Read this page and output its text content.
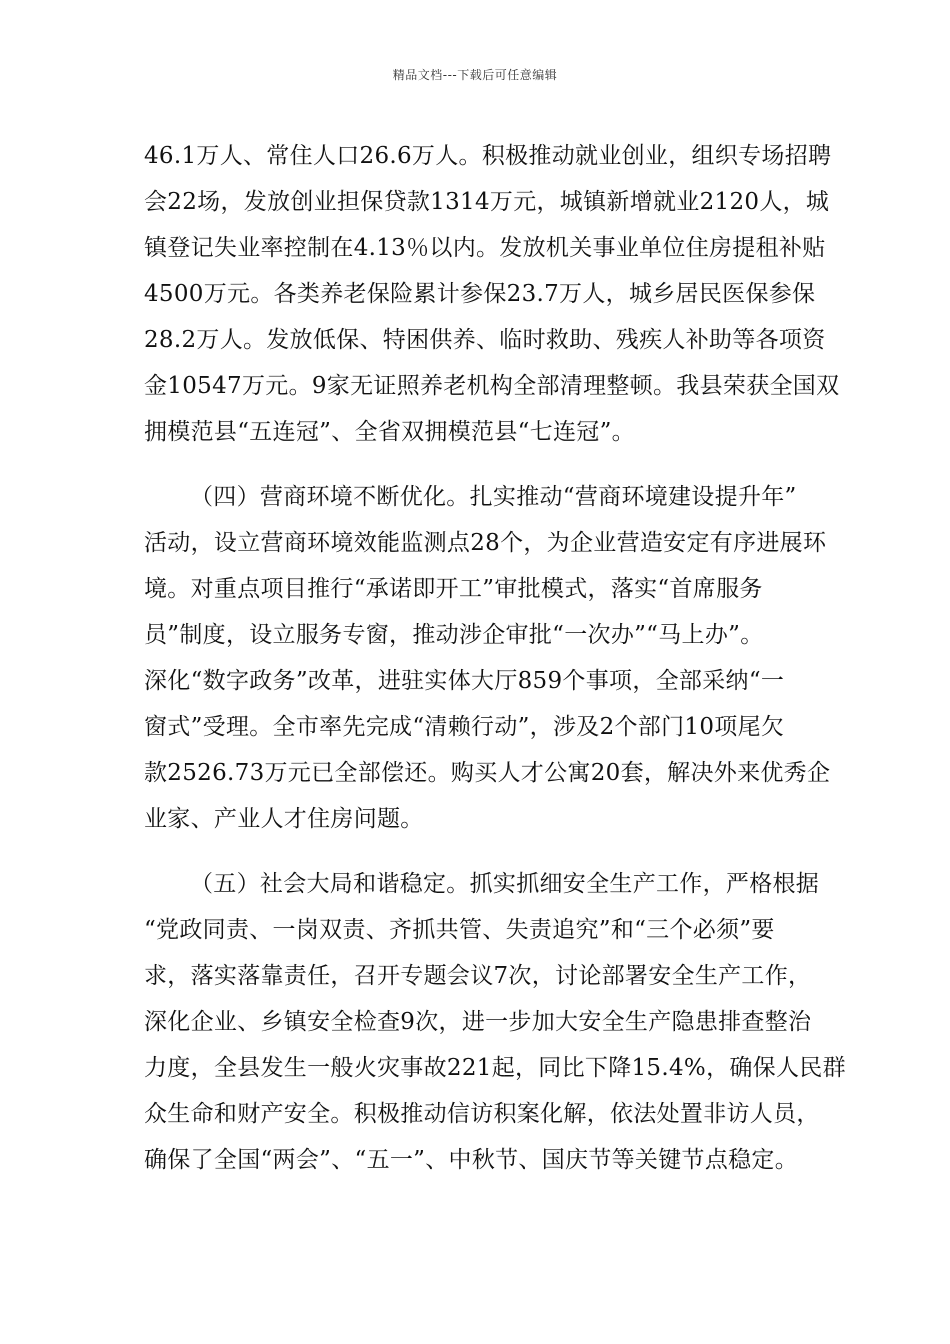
精品文档---下载后可任意编辑
46.1万人、常住人口26.6万人。积极推动就业创业，组织专场招聘
会22场，发放创业担保贷款1314万元，城镇新增就业2120人，城
镇登记失业率控制在4.13％以内。发放机关事业单位住房提租补贴
4500万元。各类养老保险累计参保23.7万人，城乡居民医保参保
28.2万人。发放低保、特困供养、临时救助、残疾人补助等各项资
金10547万元。9家无证照养老机构全部清理整顿。我县荣获全国双
拥模范县“五连冠”、全省双拥模范县“七连冠”。
（四）营商环境不断优化。扎实推动“营商环境建设提升年”
活动，设立营商环境效能监测点28个，为企业营造安定有序进展环
境。对重点项目推行“承诺即开工”审批模式，落实“首席服务
员”制度，设立服务专窗，推动涉企审批“一次办”“马上办”。
深化“数字政务”改革，进驻实体大厅859个事项，全部采纳“一
窗式”受理。全市率先完成“清赖行动”，涉及2个部门10项尾欠
款2526.73万元已全部偿还。购买人才公寓20套，解决外来优秀企
业家、产业人才住房问题。
（五）社会大局和谐稳定。抓实抓细安全生产工作，严格根据
“党政同责、一岗双责、齐抓共管、失责追究”和“三个必须”要
求，落实落靠责任，召开专题会议7次，讨论部署安全生产工作，
深化企业、乡镇安全检查9次，进一步加大安全生产隐患排查整治
力度，全县发生一般火灾事故221起，同比下降15.4%，确保人民群
众生命和财产安全。积极推动信访积案化解，依法处置非访人员，
确保了全国“两会”、“五一”、中秋节、国庆节等关键节点稳定。
